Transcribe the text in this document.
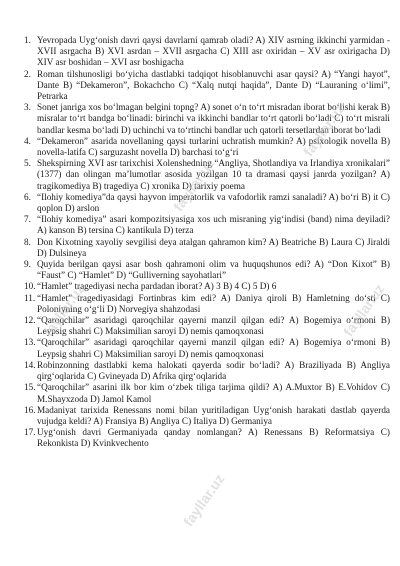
1. Yevropada Uyg‘onish davri qaysi davrlarni qamrab oladi? A) XIV asrning ikkinchi yarmidan - XVII asrgacha B) XVI asrdan – XVII asrgacha C) XIII asr oxiridan – XV asr oxirigacha D) XIV asr boshidan – XVI asr boshigacha
2. Roman tilshunosligi bo‘yicha dastlabki tadqiqot hisoblanuvchi asar qaysi? A) “Yangi hayot”, Dante B) “Dekameron”, Bokachcho C) “Xalq nutqi haqida”, Dante D) “Lauraning o‘limi”, Petrarka
3. Sonet janriga xos bo‘lmagan belgini topng? A) sonet o‘n to‘rt misradan iborat bo‘lishi kerak B) misralar to‘rt bandga bo‘linadi: birinchi va ikkinchi bandlar to‘rt qatorli bo‘ladi C) to‘rt misrali bandlar kesma bo‘ladi D) uchinchi va to‘rtinchi bandlar uch qatorli tersetlardan iborat bo‘ladi
4. “Dekameron” asarida novellaning qaysi turlarini uchratish mumkin? A) psixologik novella B) novella-latifa C) sarguzasht novella D) barchasi to‘g‘ri
5. Shekspirning XVI asr tarixchisi Xolenshedning “Angliya, Shotlandiya va Irlandiya xronikalari” (1377) dan olingan ma’lumotlar asosida yozilgan 10 ta dramasi qaysi janrda yozilgan? A) tragikomediya B) tragediya C) xronika D) tarixiy poema
6. “Ilohiy komediya”da qaysi hayvon imperatorlik va vafodorlik ramzi sanaladi? A) bo‘ri B) it C) qoplon D) arslon
7. “Ilohiy komediya” asari kompozitsiyasiga xos uch misraning yig‘indisi (band) nima deyiladi? A) kanson B) tersina C) kantikula D) terza
8. Don Kixotning xayoliy sevgilisi deya atalgan qahramon kim? A) Beatriche B) Laura C) Jiraldi D) Dulsineya
9. Quyida berilgan qaysi asar bosh qahramoni olim va huquqshunos edi? A) “Don Kixot” B) “Faust” C) “Hamlet” D) “Gulliverning sayohatlari”
10. “Hamlet” tragediyasi necha pardadan iborat? A) 3 B) 4 C) 5 D) 6
11. “Hamlet” tragediyasidagi Fortinbras kim edi? A) Daniya qiroli B) Hamletning do‘sti C) Poloniyning o‘g‘li D) Norvegiya shahzodasi
12. “Qaroqchilar” asaridagi qaroqchilar qayerni manzil qilgan edi? A) Bogemiya o‘rmoni B) Leypsig shahri C) Maksimilian saroyi D) nemis qamoqxonasi
13. “Qaroqchilar” asaridagi qaroqchilar qayerni manzil qilgan edi? A) Bogemiya o‘rmoni B) Leypsig shahri C) Maksimilian saroyi D) nemis qamoqxonasi
14. Robinzonning dastlabki kema halokati qayerda sodir bo‘ladi? A) Braziliyada B) Angliya qirg‘oqlarida C) Gvineyada D) Afrika qirg‘oqlarida
15. “Qaroqchilar” asarini ilk bor kim o‘zbek tiliga tarjima qildi? A) A.Muxtor B) E.Vohidov C) M.Shayxzoda D) Jamol Kamol
16. Madaniyat tarixida Renessans nomi bilan yuritiladigan Uyg‘onish harakati dastlab qayerda vujudga keldi? A) Fransiya B) Angliya C) Italiya D) Germaniya
17. Uyg‘onish davri Germaniyada qanday nomlangan? A) Renessans B) Reformatsiya C) Rekonkista D) Kvinkvechento
fayllar.uz
fayllar.uz
fayllar.uz	fayllar.uz
fayllar.uz
